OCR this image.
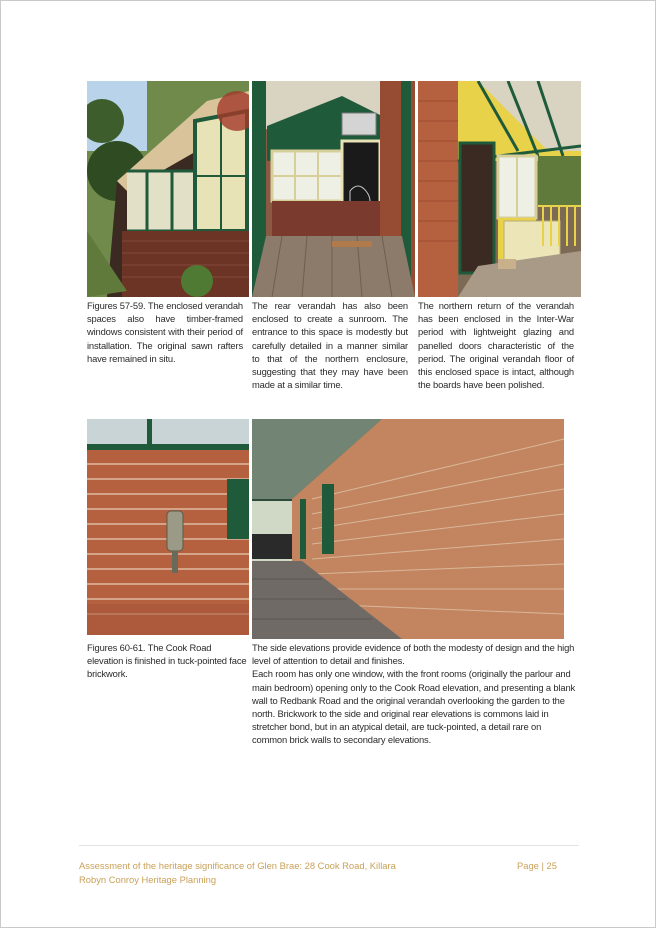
Figures 57-59. The enclosed verandah spaces also have timber-framed windows consistent with their period of installation. The original sawn rafters have remained in situ.

The rear verandah has also been enclosed to create a sunroom. The entrance to this space is modestly but carefully detailed in a manner similar to that of the northern enclosure, suggesting that they may have been made at a similar time.

The northern return of the verandah has been enclosed in the Inter-War period with lightweight glazing and panelled doors characteristic of the period. The original verandah floor of this enclosed space is intact, although the boards have been polished.

Figures 60-61. The Cook Road elevation is finished in tuck-pointed face brickwork.

The side elevations provide evidence of both the modesty of design and the high level of attention to detail and finishes.

Each room has only one window, with the front rooms (originally the parlour and main bedroom) opening only to the Cook Road elevation, and presenting a blank wall to Redbank Road and the original verandah overlooking the garden to the north. Brickwork to the side and original rear elevations is commons laid in stretcher bond, but in an atypical detail, are tuck-pointed, a detail rare on common brick walls to secondary elevations.

Assessment of the heritage significance of Glen Brae: 28 Cook Road, Killara
Robyn Conroy Heritage Planning
Page | 25
